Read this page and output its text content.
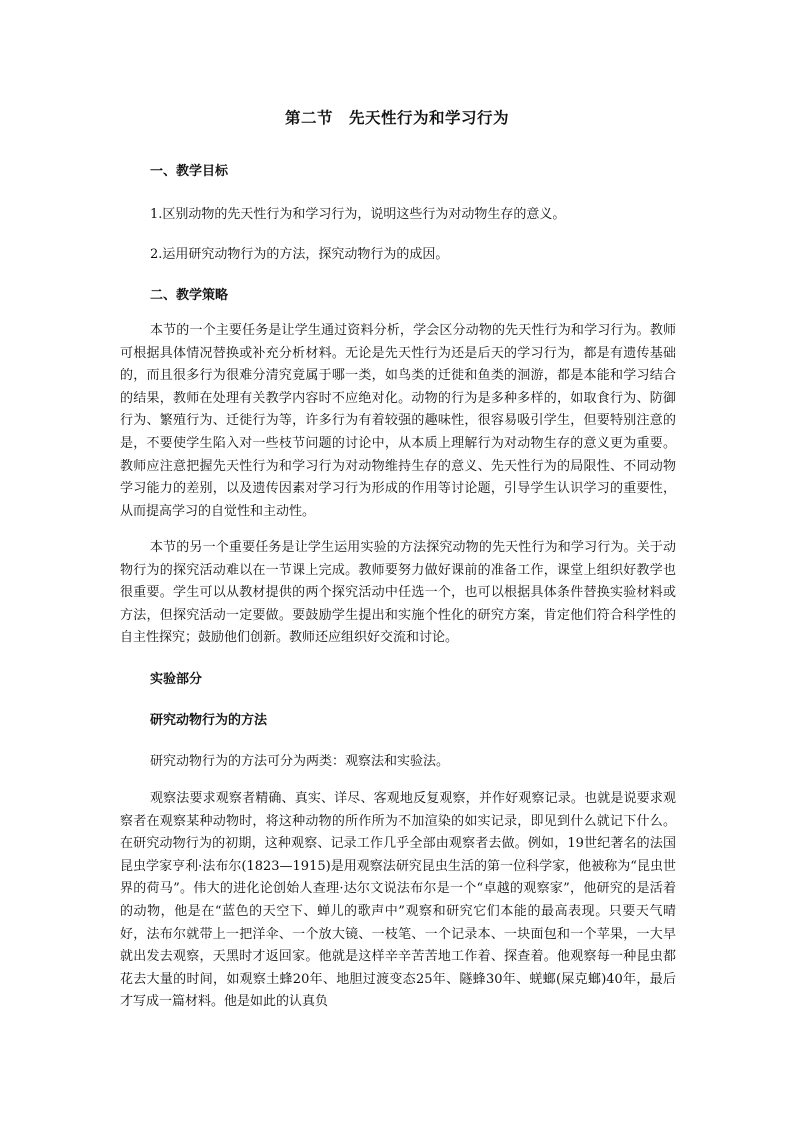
第二节　先天性行为和学习行为
一、教学目标
1.区别动物的先天性行为和学习行为，说明这些行为对动物生存的意义。
2.运用研究动物行为的方法，探究动物行为的成因。
二、教学策略
本节的一个主要任务是让学生通过资料分析，学会区分动物的先天性行为和学习行为。教师可根据具体情况替换或补充分析材料。无论是先天性行为还是后天的学习行为，都是有遗传基础的，而且很多行为很难分清究竟属于哪一类，如鸟类的迁徙和鱼类的洄游，都是本能和学习结合的结果，教师在处理有关教学内容时不应绝对化。动物的行为是多种多样的，如取食行为、防御行为、繁殖行为、迁徙行为等，许多行为有着较强的趣味性，很容易吸引学生，但要特别注意的是，不要使学生陷入对一些枝节问题的讨论中，从本质上理解行为对动物生存的意义更为重要。教师应注意把握先天性行为和学习行为对动物维持生存的意义、先天性行为的局限性、不同动物学习能力的差别，以及遗传因素对学习行为形成的作用等讨论题，引导学生认识学习的重要性，从而提高学习的自觉性和主动性。
本节的另一个重要任务是让学生运用实验的方法探究动物的先天性行为和学习行为。关于动物行为的探究活动难以在一节课上完成。教师要努力做好课前的准备工作，课堂上组织好教学也很重要。学生可以从教材提供的两个探究活动中任选一个，也可以根据具体条件替换实验材料或方法，但探究活动一定要做。要鼓励学生提出和实施个性化的研究方案，肯定他们符合科学性的自主性探究；鼓励他们创新。教师还应组织好交流和讨论。
实验部分
研究动物行为的方法
研究动物行为的方法可分为两类：观察法和实验法。
观察法要求观察者精确、真实、详尽、客观地反复观察，并作好观察记录。也就是说要求观察者在观察某种动物时，将这种动物的所作所为不加渲染的如实记录，即见到什么就记下什么。在研究动物行为的初期，这种观察、记录工作几乎全部由观察者去做。例如，19世纪著名的法国昆虫学家亨利·法布尔(1823—1915)是用观察法研究昆虫生活的第一位科学家，他被称为“昆虫世界的荷马”。伟大的进化论创始人查理·达尔文说法布尔是一个“卓越的观察家”，他研究的是活着的动物，他是在“蓝色的天空下、蝉儿的歌声中”观察和研究它们本能的最高表现。只要天气晴好，法布尔就带上一把洋伞、一个放大镜、一枝笔、一个记录本、一块面包和一个苹果，一大早就出发去观察，天黑时才返回家。他就是这样辛辛苦苦地工作着、探查着。他观察每一种昆虫都花去大量的时间，如观察土蜂20年、地胆过渡变态25年、隧蜂30年、蜣螂(屎克螂)40年，最后才写成一篇材料。他是如此的认真负
